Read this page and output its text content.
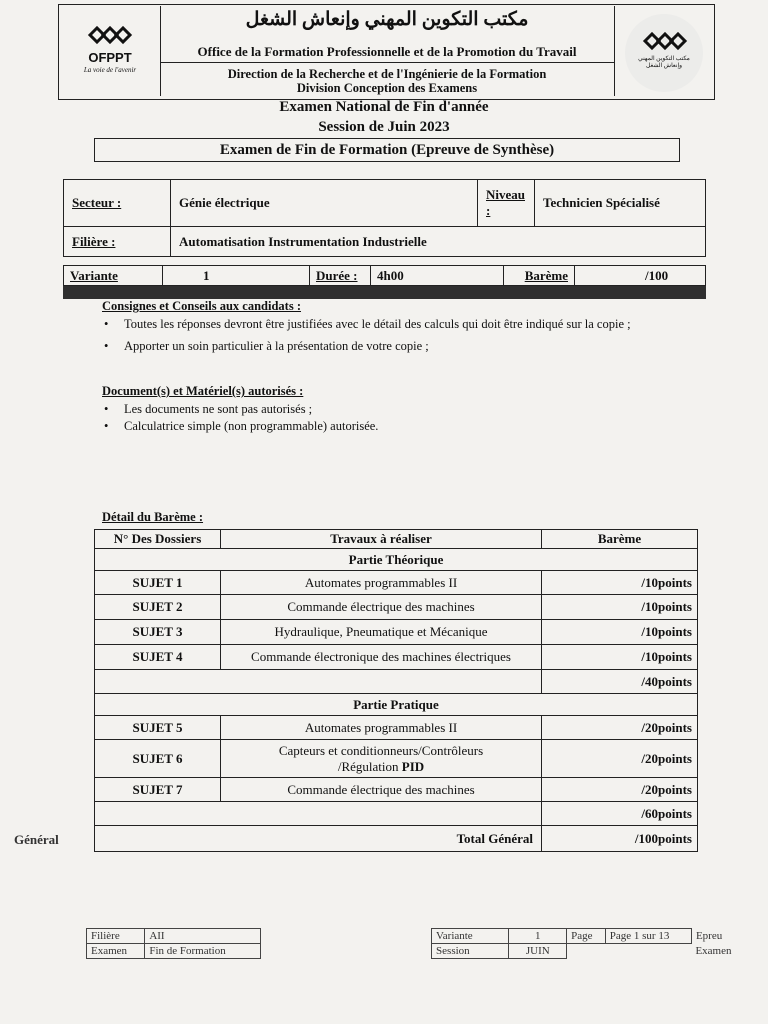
OFPPT
La voie de l'avenir
مكتب التكوين المهني وإنعاش الشغل
مكتب التكوين المهني وإنعاش الشغل
Office de la Formation Professionnelle et de la Promotion du Travail
Direction de la Recherche et de l'Ingénierie de la Formation
Division Conception des Examens
Examen National de Fin d'année
Session de Juin 2023
Examen de Fin de Formation (Epreuve de Synthèse)
Secteur :	Génie électrique	Niveau :	Technicien Spécialisé
Filière :	Automatisation Instrumentation Industrielle		
Variante	1	Durée :	4h00	Barème	/100
Consignes et Conseils aux candidats :
• Toutes les réponses devront être justifiées avec le détail des calculs qui doit être indiqué sur la copie ;
• Apporter un soin particulier à la présentation de votre copie ;
Document(s) et Matériel(s) autorisés :
• Les documents ne sont pas autorisés ;
• Calculatrice simple (non programmable) autorisée.
Détail du Barème :
N° Des Dossiers	Travaux à réaliser	Barème
Partie Théorique		
SUJET 1	Automates programmables II	/10points
SUJET 2	Commande électrique des machines	/10points
SUJET 3	Hydraulique, Pneumatique et Mécanique	/10points
SUJET 4	Commande électronique des machines électriques	/10points
		/40points
Partie Pratique		
SUJET 5	Automates programmables II	/20points
SUJET 6	Capteurs et conditionneurs/Contrôleurs
/Régulation PID	/20points
SUJET 7	Commande électrique des machines	/20points
		/60points
Total Général		/100points
Général
Filière	AII		Variante	1	Page	Page 1 sur 13	Epreu
Examen	Fin de Formation		Session	JUIN			Examen
